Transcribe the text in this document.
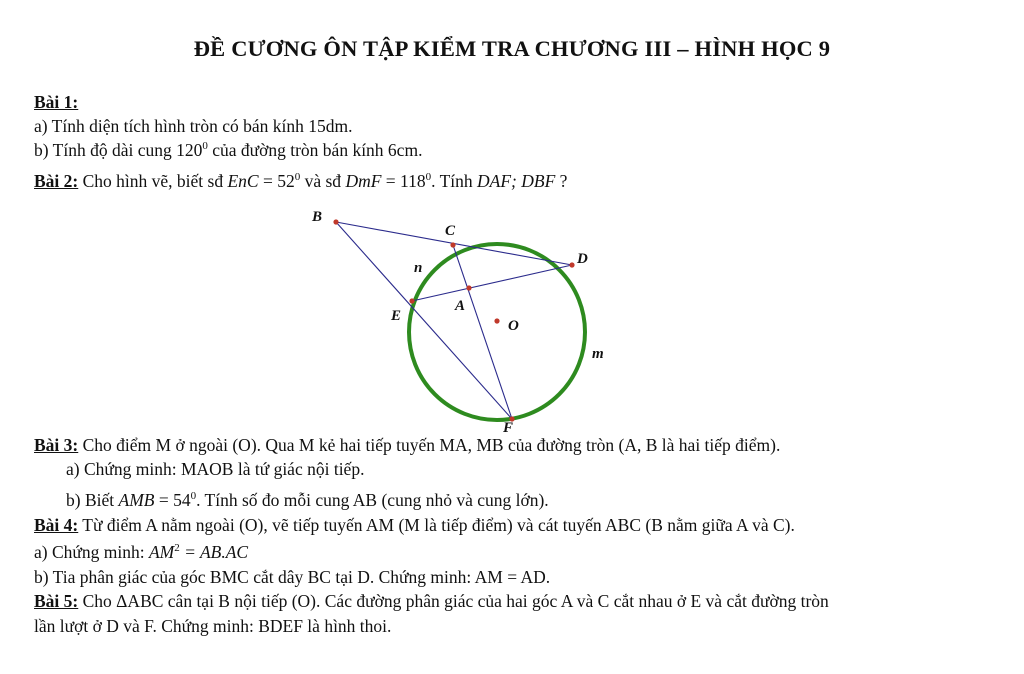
ĐỀ CƯƠNG ÔN TẬP KIỂM TRA CHƯƠNG III – HÌNH HỌC 9
Bài 1:
a) Tính diện tích hình tròn có bán kính 15dm.
b) Tính độ dài cung $120^0$ của đường tròn bán kính 6cm.
Bài 2: Cho hình vẽ, biết sđ EnC = $52^0$ và sđ DmF = $118^0$. Tính DAF; DBF ?
B
C
D
n
A
E
O
m
F
Bài 3: Cho điểm M ở ngoài (O). Qua M kẻ hai tiếp tuyến MA, MB của đường tròn (A, B là hai tiếp điểm).
a) Chứng minh: MAOB là tứ giác nội tiếp.
b) Biết AMB = $54^0$. Tính số đo mỗi cung AB (cung nhỏ và cung lớn).
Bài 4: Từ điểm A nằm ngoài (O), vẽ tiếp tuyến AM (M là tiếp điểm) và cát tuyến ABC (B nằm giữa A và C).
a) Chứng minh: $AM^2 = AB.AC$
b) Tia phân giác của góc BMC cắt dây BC tại D. Chứng minh: AM = AD.
Bài 5: Cho ΔABC cân tại B nội tiếp (O). Các đường phân giác của hai góc A và C cắt nhau ở E và cắt đường tròn
lần lượt ở D và F. Chứng minh: BDEF là hình thoi.
